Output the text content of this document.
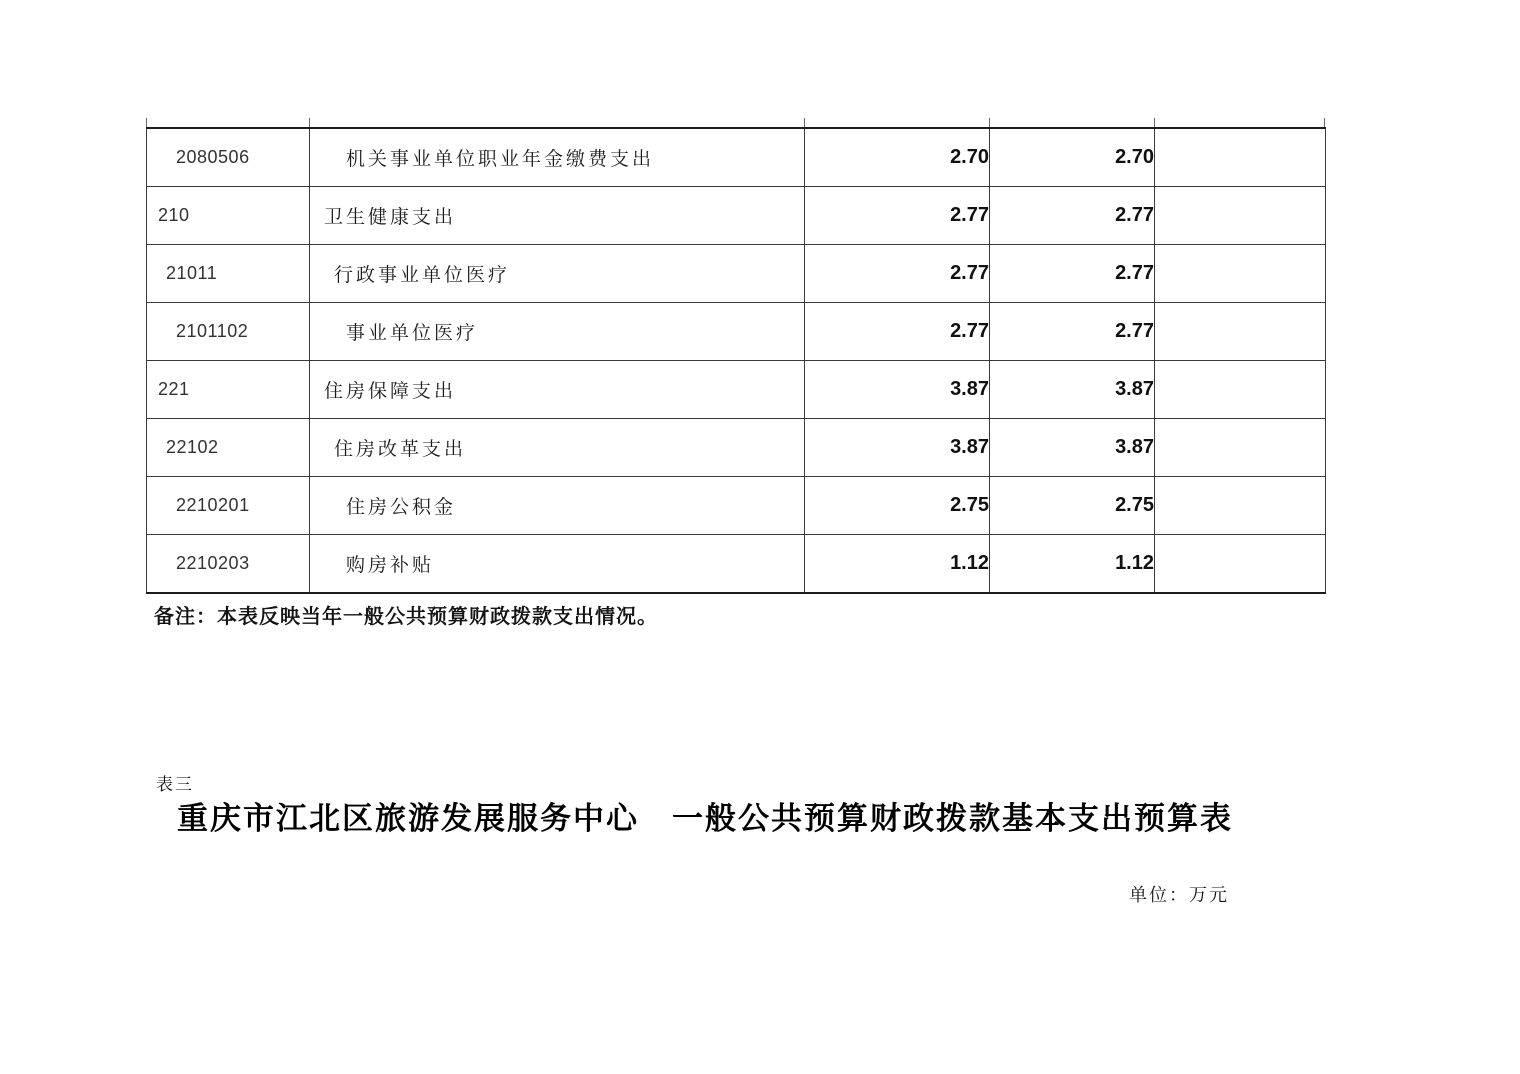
2080506	机关事业单位职业年金缴费支出	2.70	2.70	
210	卫生健康支出	2.77	2.77	
21011	行政事业单位医疗	2.77	2.77	
2101102	事业单位医疗	2.77	2.77	
221	住房保障支出	3.87	3.87	
22102	住房改革支出	3.87	3.87	
2210201	住房公积金	2.75	2.75	
2210203	购房补贴	1.12	1.12	
备注：本表反映当年一般公共预算财政拨款支出情况。
表三
重庆市江北区旅游发展服务中心　一般公共预算财政拨款基本支出预算表
单位：万元
